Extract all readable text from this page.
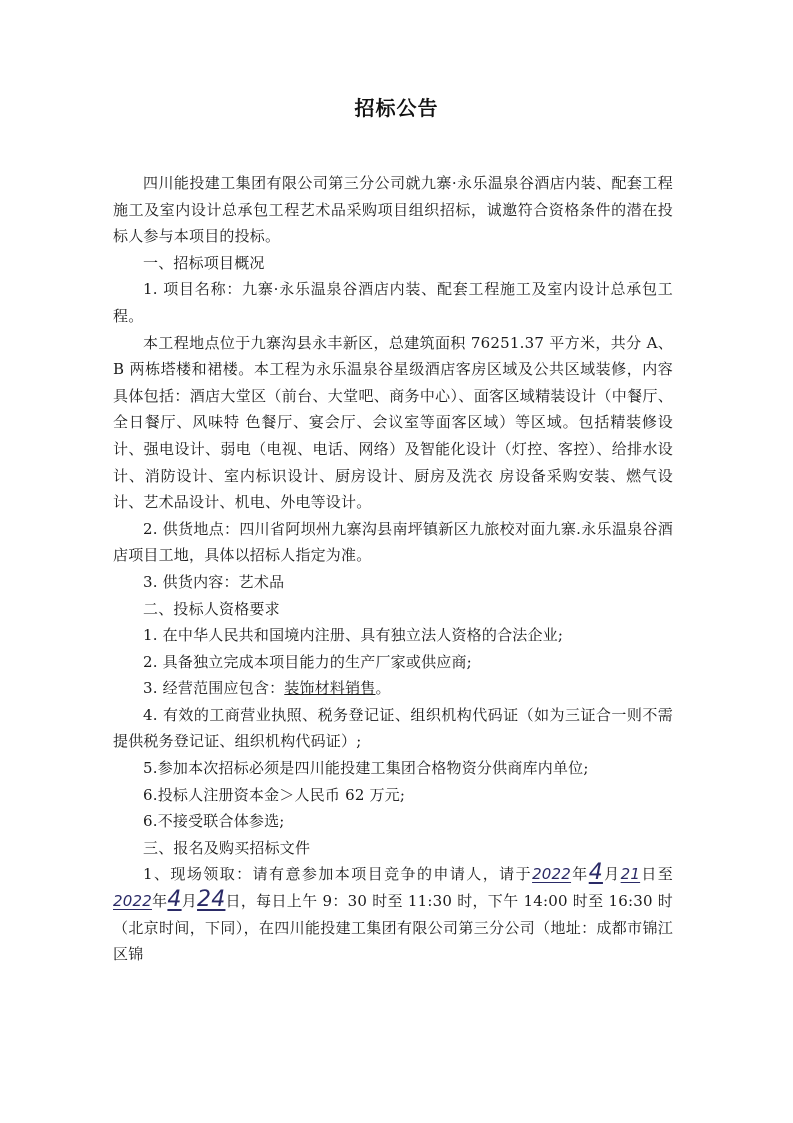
招标公告

四川能投建工集团有限公司第三分公司就九寨·永乐温泉谷酒店内装、配套工程施工及室内设计总承包工程艺术品采购项目组织招标，诚邀符合资格条件的潜在投标人参与本项目的投标。

一、招标项目概况

1. 项目名称：九寨·永乐温泉谷酒店内装、配套工程施工及室内设计总承包工程。

本工程地点位于九寨沟县永丰新区，总建筑面积 76251.37 平方米，共分 A、B 两栋塔楼和裙楼。本工程为永乐温泉谷星级酒店客房区域及公共区域装修，内容具体包括：酒店大堂区（前台、大堂吧、商务中心）、面客区域精装设计（中餐厅、全日餐厅、风味特 色餐厅、宴会厅、会议室等面客区域）等区域。包括精装修设计、强电设计、弱电（电视、电话、网络）及智能化设计（灯控、客控）、给排水设计、消防设计、室内标识设计、厨房设计、厨房及洗衣 房设备采购安装、燃气设计、艺术品设计、机电、外电等设计。

2. 供货地点：四川省阿坝州九寨沟县南坪镇新区九旅校对面九寨.永乐温泉谷酒店项目工地，具体以招标人指定为准。

3. 供货内容：艺术品

二、投标人资格要求

1. 在中华人民共和国境内注册、具有独立法人资格的合法企业;

2. 具备独立完成本项目能力的生产厂家或供应商;

3. 经营范围应包含：装饰材料销售。

4. 有效的工商营业执照、税务登记证、组织机构代码证（如为三证合一则不需提供税务登记证、组织机构代码证）;

5.参加本次招标必须是四川能投建工集团合格物资分供商库内单位;

6.投标人注册资本金＞人民币 62 万元;

6.不接受联合体参选;

三、报名及购买招标文件

1、现场领取：请有意参加本项目竞争的申请人，请于2022年4月21日至2022年4月24日，每日上午 9：30 时至 11:30 时，下午 14:00 时至 16:30 时（北京时间，下同），在四川能投建工集团有限公司第三分公司（地址：成都市锦江区锦
